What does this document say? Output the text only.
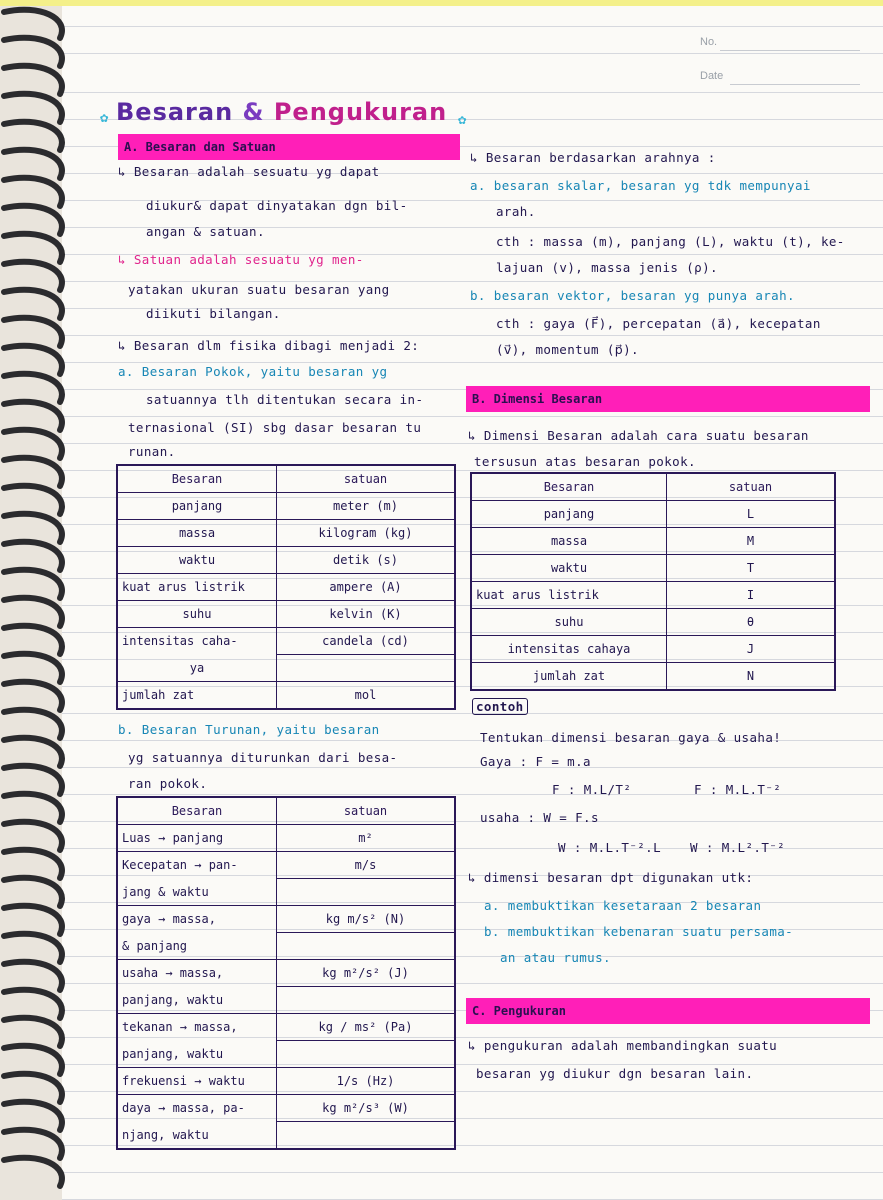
No.
Date
✿	✿
Besaran & Pengukuran
A. Besaran dan Satuan
↳ Besaran adalah sesuatu yg dapat
diukur& dapat dinyatakan dgn bil-
angan & satuan.
↳ Satuan adalah sesuatu yg men-
yatakan ukuran suatu besaran yang
diikuti bilangan.
↳ Besaran dlm fisika dibagi menjadi 2:
a. Besaran Pokok, yaitu besaran yg
satuannya tlh ditentukan secara in-
ternasional (SI) sbg dasar besaran tu
runan.
Besaran	satuan
panjang	meter (m)
massa	kilogram (kg)
waktu	detik (s)
kuat arus listrik	ampere (A)
suhu	kelvin (K)
intensitas caha-	candela (cd)
ya	
jumlah zat	mol
b. Besaran Turunan, yaitu besaran
yg satuannya diturunkan dari besa-
ran pokok.
Besaran	satuan
Luas → panjang	m²
Kecepatan → pan-	m/s
jang & waktu	
gaya → massa,	kg m/s² (N)
& panjang	
usaha → massa,	kg m²/s² (J)
panjang, waktu	
tekanan → massa,	kg / ms² (Pa)
panjang, waktu	
frekuensi → waktu	1/s (Hz)
daya → massa, pa-	kg m²/s³ (W)
njang, waktu	
↳ Besaran berdasarkan arahnya :
a. besaran skalar, besaran yg tdk mempunyai
arah.
cth : massa (m), panjang (L), waktu (t), ke-
lajuan (v), massa jenis (ρ).
b. besaran vektor, besaran yg punya arah.
cth : gaya (F⃗), percepatan (a⃗), kecepatan
(v⃗), momentum (p⃗).
B. Dimensi Besaran
↳ Dimensi Besaran adalah cara suatu besaran
tersusun atas besaran pokok.
Besaran	satuan
panjang	L
massa	M
waktu	T
kuat arus listrik	I
suhu	θ
intensitas cahaya	J
jumlah zat	N
contoh
Tentukan dimensi besaran gaya & usaha!
Gaya : F = m.a
F : M.L/T²	F : M.L.T⁻²
usaha : W = F.s
W : M.L.T⁻².L W : M.L².T⁻²
↳ dimensi besaran dpt digunakan utk:
a. membuktikan kesetaraan 2 besaran
b. membuktikan kebenaran suatu persama-
an atau rumus.
C. Pengukuran
↳ pengukuran adalah membandingkan suatu
besaran yg diukur dgn besaran lain.
